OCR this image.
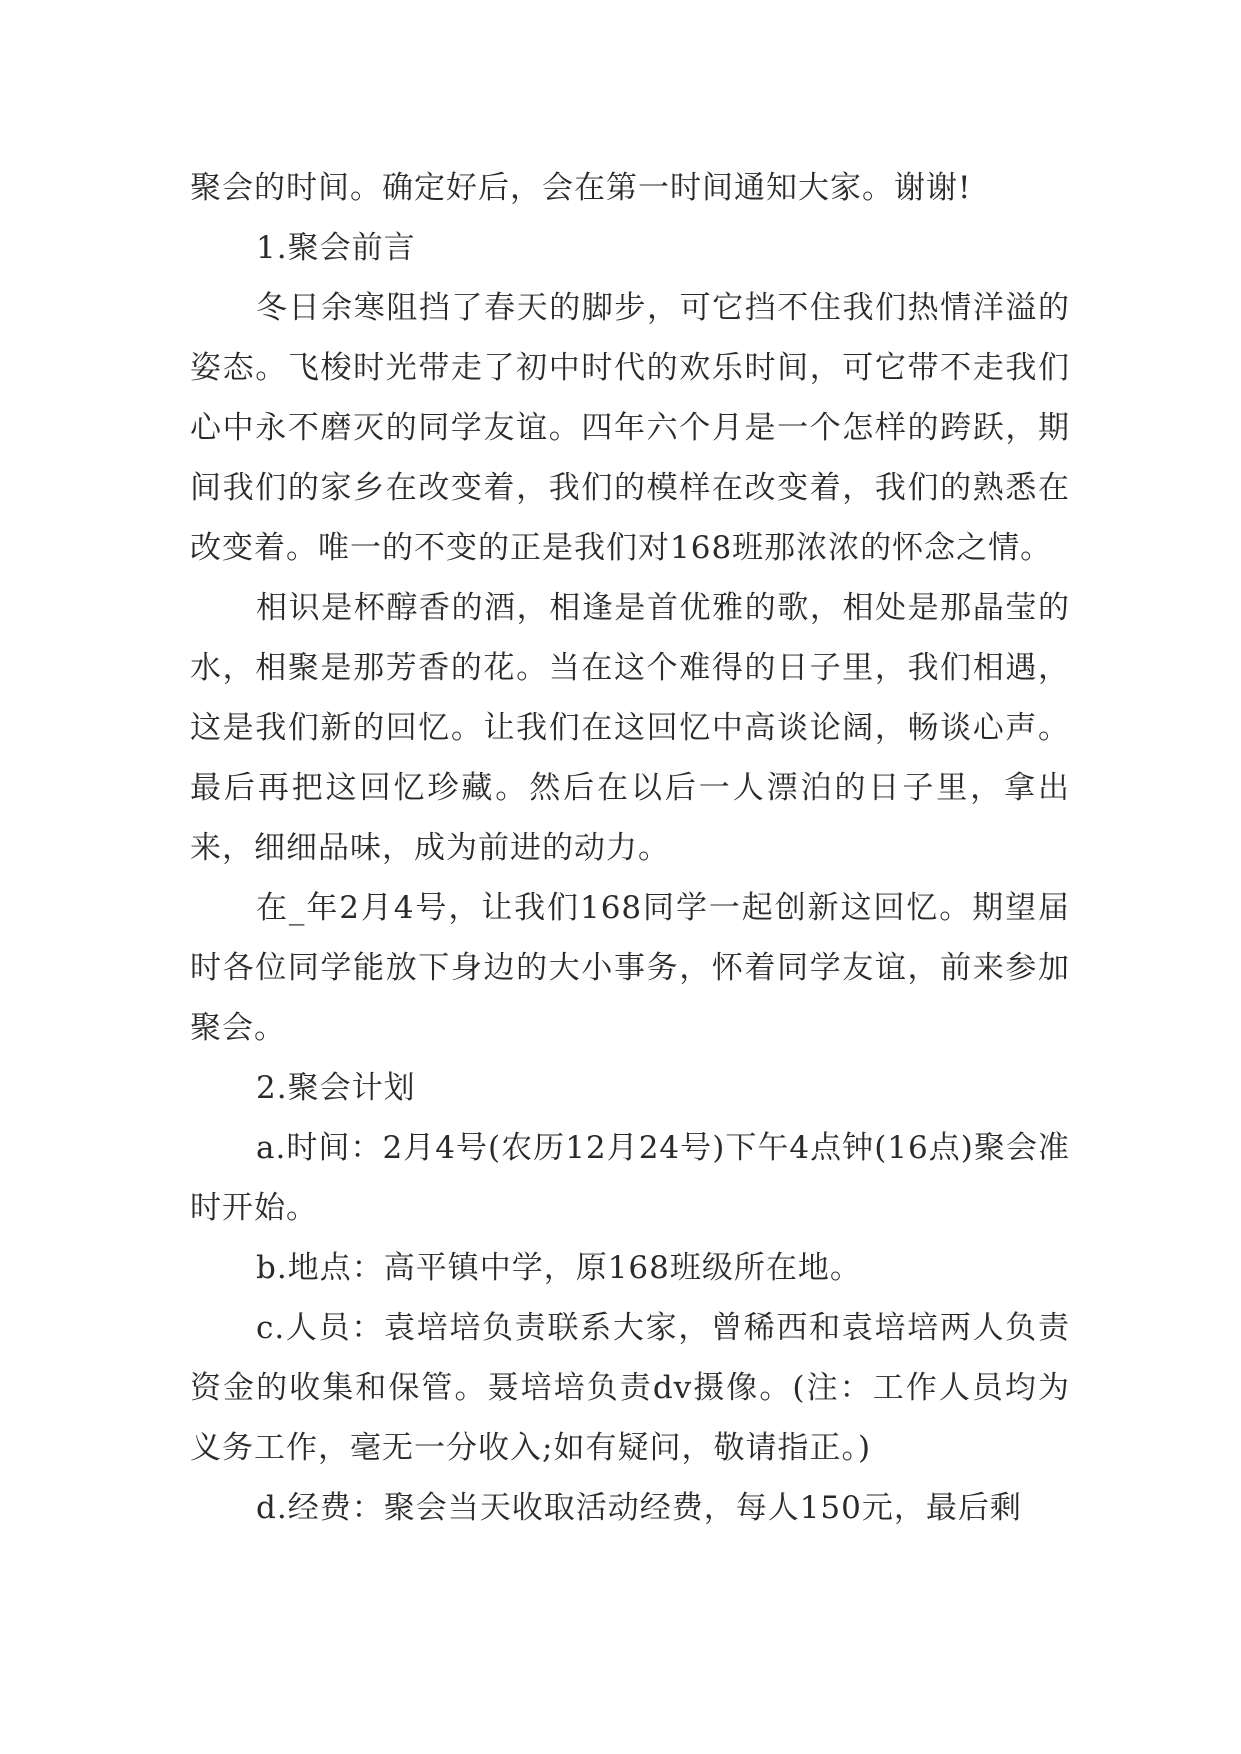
聚会的时间。确定好后，会在第一时间通知大家。谢谢!

1.聚会前言

冬日余寒阻挡了春天的脚步，可它挡不住我们热情洋溢的姿态。飞梭时光带走了初中时代的欢乐时间，可它带不走我们心中永不磨灭的同学友谊。四年六个月是一个怎样的跨跃，期间我们的家乡在改变着，我们的模样在改变着，我们的熟悉在改变着。唯一的不变的正是我们对168班那浓浓的怀念之情。

相识是杯醇香的酒，相逢是首优雅的歌，相处是那晶莹的水，相聚是那芳香的花。当在这个难得的日子里，我们相遇，这是我们新的回忆。让我们在这回忆中高谈论阔，畅谈心声。最后再把这回忆珍藏。然后在以后一人漂泊的日子里，拿出来，细细品味，成为前进的动力。

在_年2月4号，让我们168同学一起创新这回忆。期望届时各位同学能放下身边的大小事务，怀着同学友谊，前来参加聚会。

2.聚会计划

a.时间：2月4号(农历12月24号)下午4点钟(16点)聚会准时开始。

b.地点：高平镇中学，原168班级所在地。

c.人员：袁培培负责联系大家，曾稀西和袁培培两人负责资金的收集和保管。聂培培负责dv摄像。(注：工作人员均为义务工作，毫无一分收入;如有疑问，敬请指正。)

d.经费：聚会当天收取活动经费，每人150元，最后剩
